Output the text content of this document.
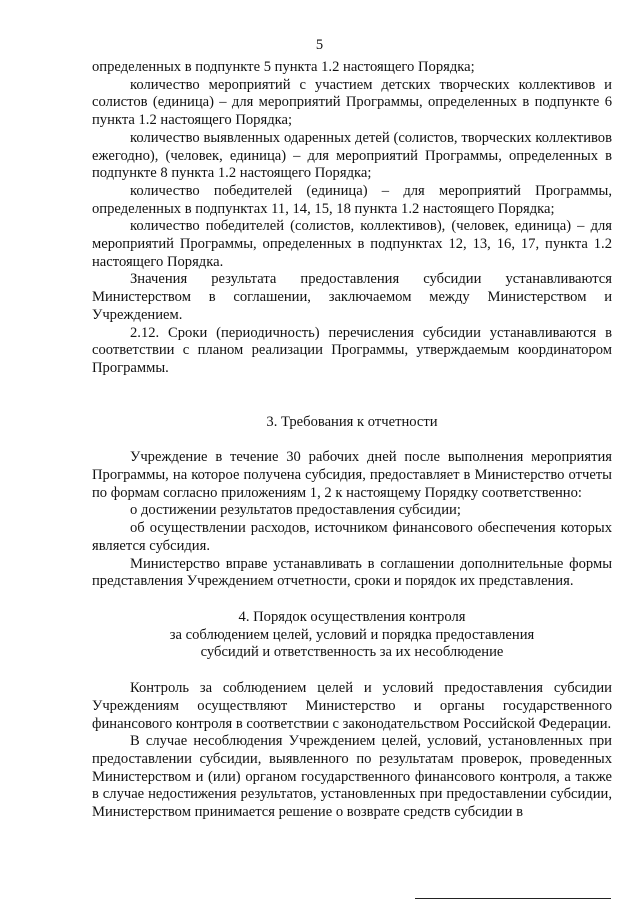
5

определенных в подпункте 5 пункта 1.2 настоящего Порядка;

количество мероприятий с участием детских творческих коллективов и солистов (единица) – для мероприятий Программы, определенных в подпункте 6 пункта 1.2 настоящего Порядка;

количество выявленных одаренных детей (солистов, творческих коллективов ежегодно), (человек, единица) – для мероприятий Программы, определенных в подпункте 8 пункта 1.2 настоящего Порядка;

количество победителей (единица) – для мероприятий Программы, определенных в подпунктах 11, 14, 15, 18 пункта 1.2 настоящего Порядка;

количество победителей (солистов, коллективов), (человек, единица) – для мероприятий Программы, определенных в подпунктах 12, 13, 16, 17, пункта 1.2 настоящего Порядка.

Значения результата предоставления субсидии устанавливаются Министерством в соглашении, заключаемом между Министерством и Учреждением.

2.12. Сроки (периодичность) перечисления субсидии устанавливаются в соответствии с планом реализации Программы, утверждаемым координатором Программы.

3. Требования к отчетности

Учреждение в течение 30 рабочих дней после выполнения мероприятия Программы, на которое получена субсидия, предоставляет в Министерство отчеты по формам согласно приложениям 1, 2 к настоящему Порядку соответственно:

о достижении результатов предоставления субсидии;

об осуществлении расходов, источником финансового обеспечения которых является субсидия.

Министерство вправе устанавливать в соглашении дополнительные формы представления Учреждением отчетности, сроки и порядок их представления.

4. Порядок осуществления контроля

за соблюдением целей, условий и порядка предоставления

субсидий и ответственность за их несоблюдение

Контроль за соблюдением целей и условий предоставления субсидии Учреждениям осуществляют Министерство и органы государственного финансового контроля в соответствии с законодательством Российской Федерации.

В случае несоблюдения Учреждением целей, условий, установленных при предоставлении субсидии, выявленного по результатам проверок, проведенных Министерством и (или) органом государственного финансового контроля, а также в случае недостижения результатов, установленных при предоставлении субсидии, Министерством принимается решение о возврате средств субсидии в
